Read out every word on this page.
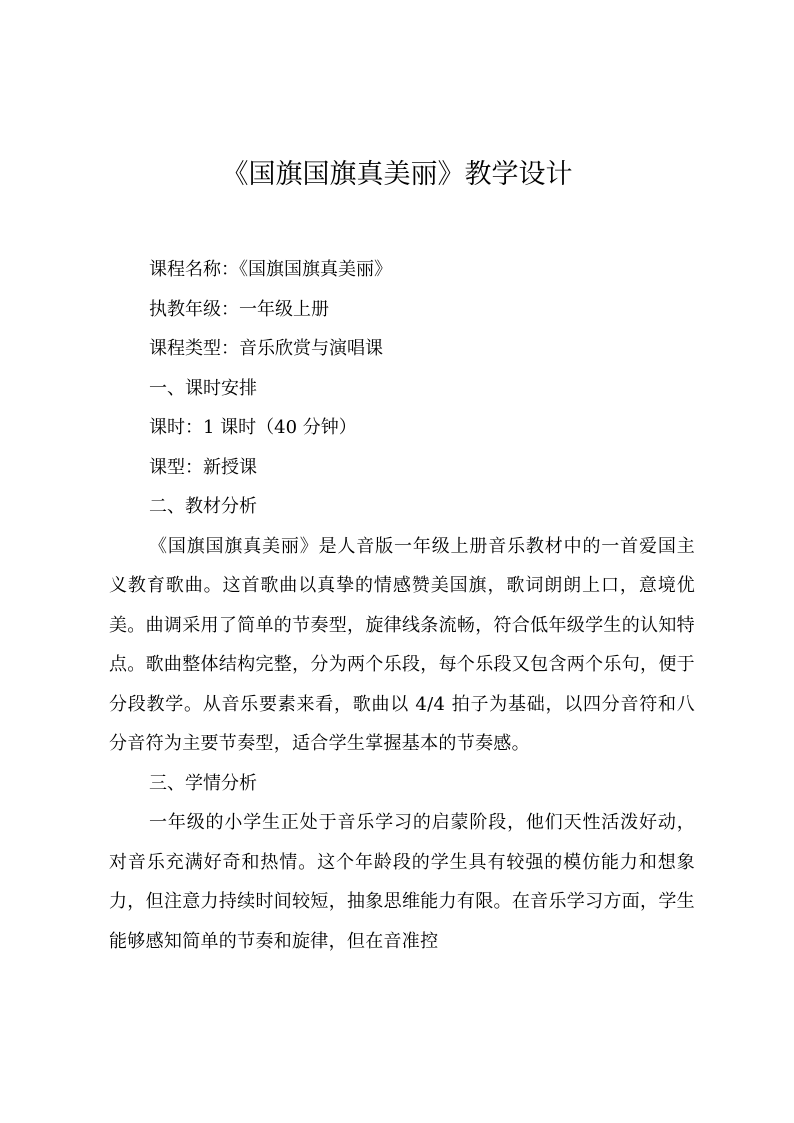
《国旗国旗真美丽》教学设计

课程名称：《国旗国旗真美丽》

执教年级：一年级上册

课程类型：音乐欣赏与演唱课

一、课时安排

课时：1 课时（40 分钟）

课型：新授课

二、教材分析

《国旗国旗真美丽》是人音版一年级上册音乐教材中的一首爱国主义教育歌曲。这首歌曲以真挚的情感赞美国旗，歌词朗朗上口，意境优美。曲调采用了简单的节奏型，旋律线条流畅，符合低年级学生的认知特点。歌曲整体结构完整，分为两个乐段，每个乐段又包含两个乐句，便于分段教学。从音乐要素来看，歌曲以 4/4 拍子为基础，以四分音符和八分音符为主要节奏型，适合学生掌握基本的节奏感。

三、学情分析

一年级的小学生正处于音乐学习的启蒙阶段，他们天性活泼好动，对音乐充满好奇和热情。这个年龄段的学生具有较强的模仿能力和想象力，但注意力持续时间较短，抽象思维能力有限。在音乐学习方面，学生能够感知简单的节奏和旋律，但在音准控
